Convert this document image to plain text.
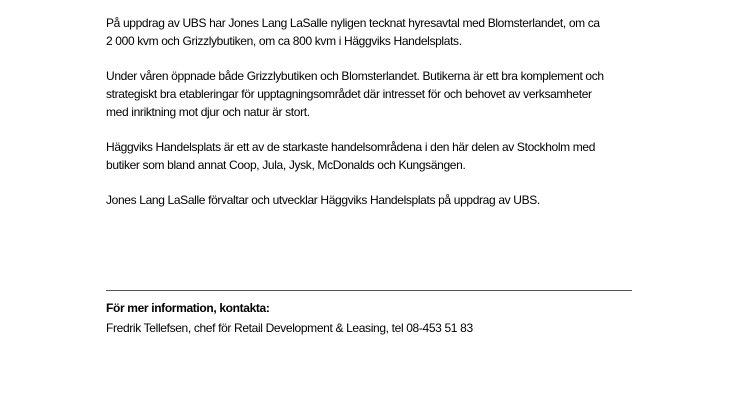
På uppdrag av UBS har Jones Lang LaSalle nyligen tecknat hyresavtal med Blomsterlandet, om ca
2 000 kvm och Grizzlybutiken, om ca 800 kvm i Häggviks Handelsplats.

Under våren öppnade både Grizzlybutiken och Blomsterlandet. Butikerna är ett bra komplement och
strategiskt bra etableringar för upptagningsområdet där intresset för och behovet av verksamheter
med inriktning mot djur och natur är stort.

Häggviks Handelsplats är ett av de starkaste handelsområdena i den här delen av Stockholm med
butiker som bland annat Coop, Jula, Jysk, McDonalds och Kungsängen.

Jones Lang LaSalle förvaltar och utvecklar Häggviks Handelsplats på uppdrag av UBS.

För mer information, kontakta:
Fredrik Tellefsen, chef för Retail Development & Leasing, tel 08-453 51 83
